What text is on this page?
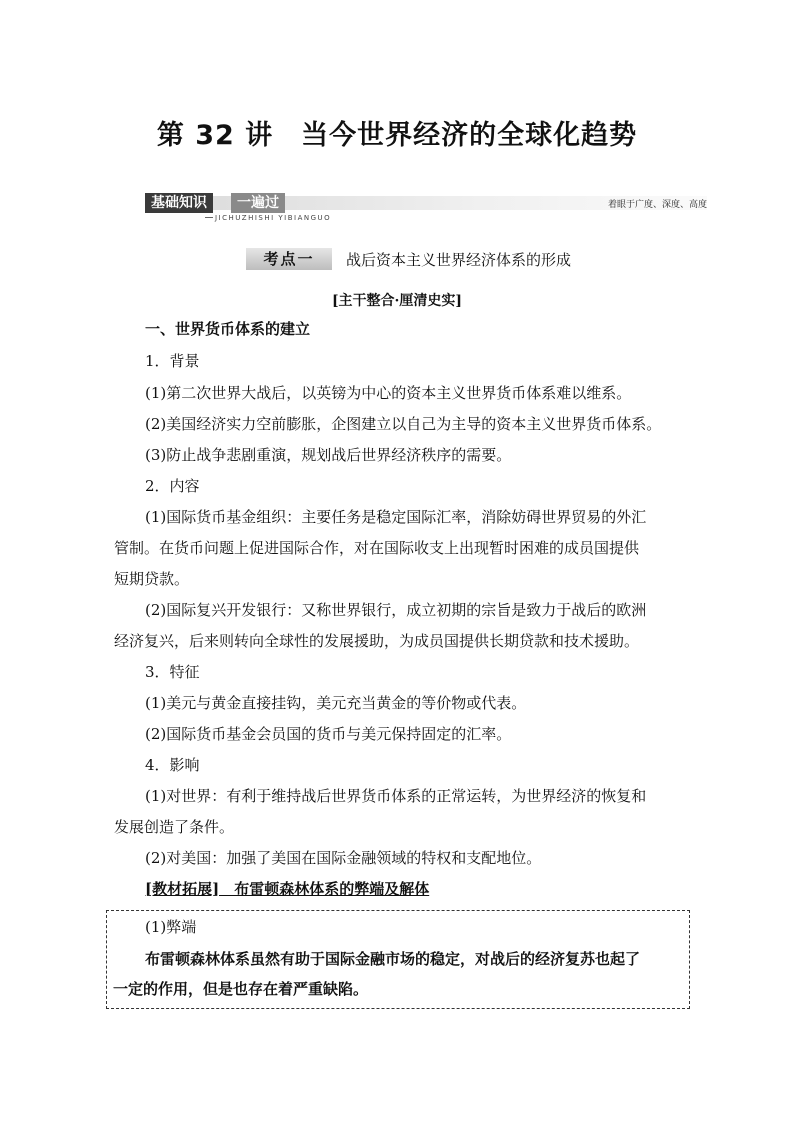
第 32 讲　当今世界经济的全球化趋势
基础知识	一遍过
JICHUZHISHI YIBIANGUO
着眼于广度、深度、高度
考点一	战后资本主义世界经济体系的形成
[主干整合·厘清史实]

一、世界货币体系的建立

1．背景

(1)第二次世界大战后，以英镑为中心的资本主义世界货币体系难以维系。

(2)美国经济实力空前膨胀，企图建立以自己为主导的资本主义世界货币体系。

(3)防止战争悲剧重演，规划战后世界经济秩序的需要。

2．内容

(1)国际货币基金组织：主要任务是稳定国际汇率，消除妨碍世界贸易的外汇

管制。在货币问题上促进国际合作，对在国际收支上出现暂时困难的成员国提供

短期贷款。

(2)国际复兴开发银行：又称世界银行，成立初期的宗旨是致力于战后的欧洲

经济复兴，后来则转向全球性的发展援助，为成员国提供长期贷款和技术援助。

3．特征

(1)美元与黄金直接挂钩，美元充当黄金的等价物或代表。

(2)国际货币基金会员国的货币与美元保持固定的汇率。

4．影响

(1)对世界：有利于维持战后世界货币体系的正常运转，为世界经济的恢复和

发展创造了条件。

(2)对美国：加强了美国在国际金融领域的特权和支配地位。

[教材拓展]　布雷顿森林体系的弊端及解体

(1)弊端

布雷顿森林体系虽然有助于国际金融市场的稳定，对战后的经济复苏也起了

一定的作用，但是也存在着严重缺陷。
